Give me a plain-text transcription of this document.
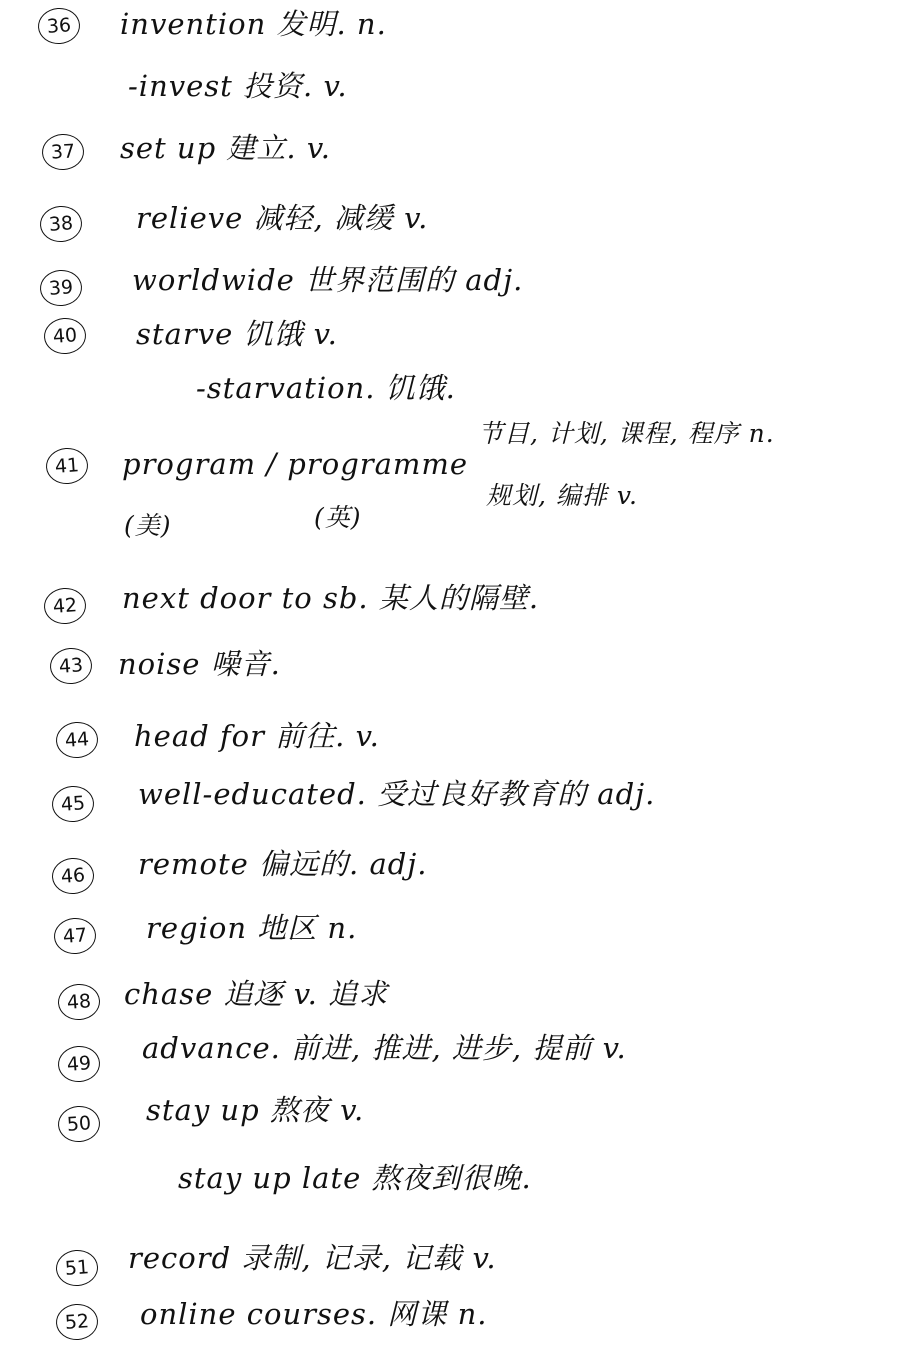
36	invention 发明. n.
-invest 投资. v.
37	set up 建立. v.
38	relieve 减轻, 减缓 v.
39	worldwide 世界范围的 adj.
40	starve 饥饿 v.
-starvation. 饥饿.
41	program / programme
节目, 计划, 课程, 程序 n.
规划, 编排 v.
(美)	(英)
42	next door to sb. 某人的隔壁.
43	noise 噪音.
44	head for 前往. v.
45	well-educated. 受过良好教育的 adj.
46	remote 偏远的. adj.
47	region 地区 n.
48	chase 追逐 v. 追求
49	advance. 前进, 推进, 进步, 提前 v.
50	stay up 熬夜 v.
stay up late 熬夜到很晚.
51	record 录制, 记录, 记载 v.
52	online courses. 网课 n.
